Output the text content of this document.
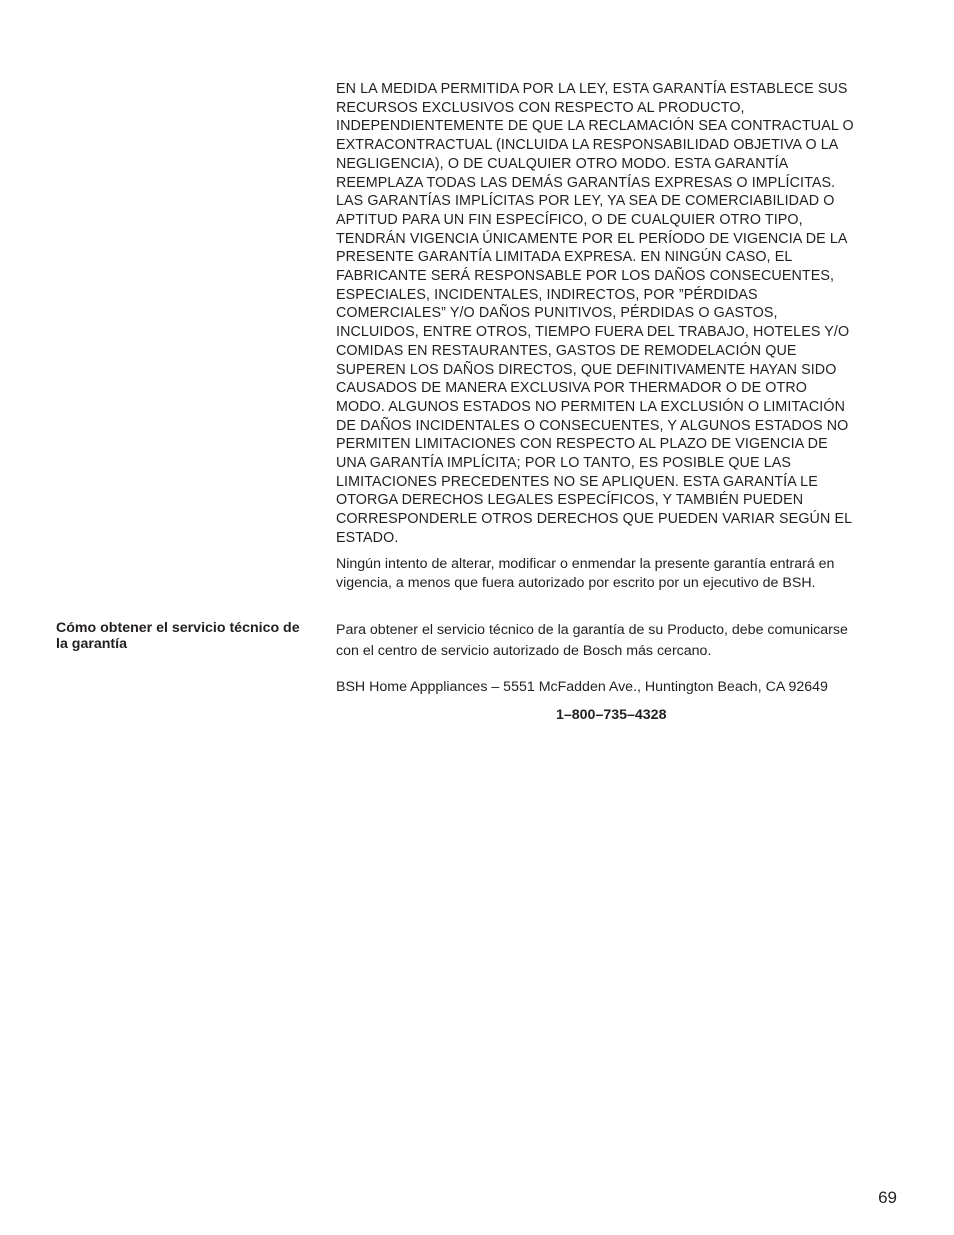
EN LA MEDIDA PERMITIDA POR LA LEY, ESTA GARANTÍA ESTABLECE SUS
RECURSOS EXCLUSIVOS CON RESPECTO AL PRODUCTO,
INDEPENDIENTEMENTE DE QUE LA RECLAMACIÓN SEA CONTRACTUAL O
EXTRACONTRACTUAL (INCLUIDA LA RESPONSABILIDAD OBJETIVA O LA
NEGLIGENCIA), O DE CUALQUIER OTRO MODO. ESTA GARANTÍA
REEMPLAZA TODAS LAS DEMÁS GARANTÍAS EXPRESAS O IMPLÍCITAS.
LAS GARANTÍAS IMPLÍCITAS POR LEY, YA SEA DE COMERCIABILIDAD O
APTITUD PARA UN FIN ESPECÍFICO, O DE CUALQUIER OTRO TIPO,
TENDRÁN VIGENCIA ÚNICAMENTE POR EL PERÍODO DE VIGENCIA DE LA
PRESENTE GARANTÍA LIMITADA EXPRESA. EN NINGÚN CASO, EL
FABRICANTE SERÁ RESPONSABLE POR LOS DAÑOS CONSECUENTES,
ESPECIALES, INCIDENTALES, INDIRECTOS, POR ”PÉRDIDAS
COMERCIALES” Y/O DAÑOS PUNITIVOS, PÉRDIDAS O GASTOS,
INCLUIDOS, ENTRE OTROS, TIEMPO FUERA DEL TRABAJO, HOTELES Y/O
COMIDAS EN RESTAURANTES, GASTOS DE REMODELACIÓN QUE
SUPEREN LOS DAÑOS DIRECTOS, QUE DEFINITIVAMENTE HAYAN SIDO
CAUSADOS DE MANERA EXCLUSIVA POR THERMADOR O DE OTRO
MODO. ALGUNOS ESTADOS NO PERMITEN LA EXCLUSIÓN O LIMITACIÓN
DE DAÑOS INCIDENTALES O CONSECUENTES, Y ALGUNOS ESTADOS NO
PERMITEN LIMITACIONES CON RESPECTO AL PLAZO DE VIGENCIA DE
UNA GARANTÍA IMPLÍCITA; POR LO TANTO, ES POSIBLE QUE LAS
LIMITACIONES PRECEDENTES NO SE APLIQUEN. ESTA GARANTÍA LE
OTORGA DERECHOS LEGALES ESPECÍFICOS, Y TAMBIÉN PUEDEN
CORRESPONDERLE OTROS DERECHOS QUE PUEDEN VARIAR SEGÚN EL
ESTADO.
Ningún intento de alterar, modificar o enmendar la presente garantía entrará en
vigencia, a menos que fuera autorizado por escrito por un ejecutivo de BSH.
Cómo obtener el servicio técnico de
la garantía
Para obtener el servicio técnico de la garantía de su Producto, debe comunicarse
con el centro de servicio autorizado de Bosch más cercano.
BSH Home Apppliances – 5551 McFadden Ave., Huntington Beach, CA 92649
1–800–735–4328
69
